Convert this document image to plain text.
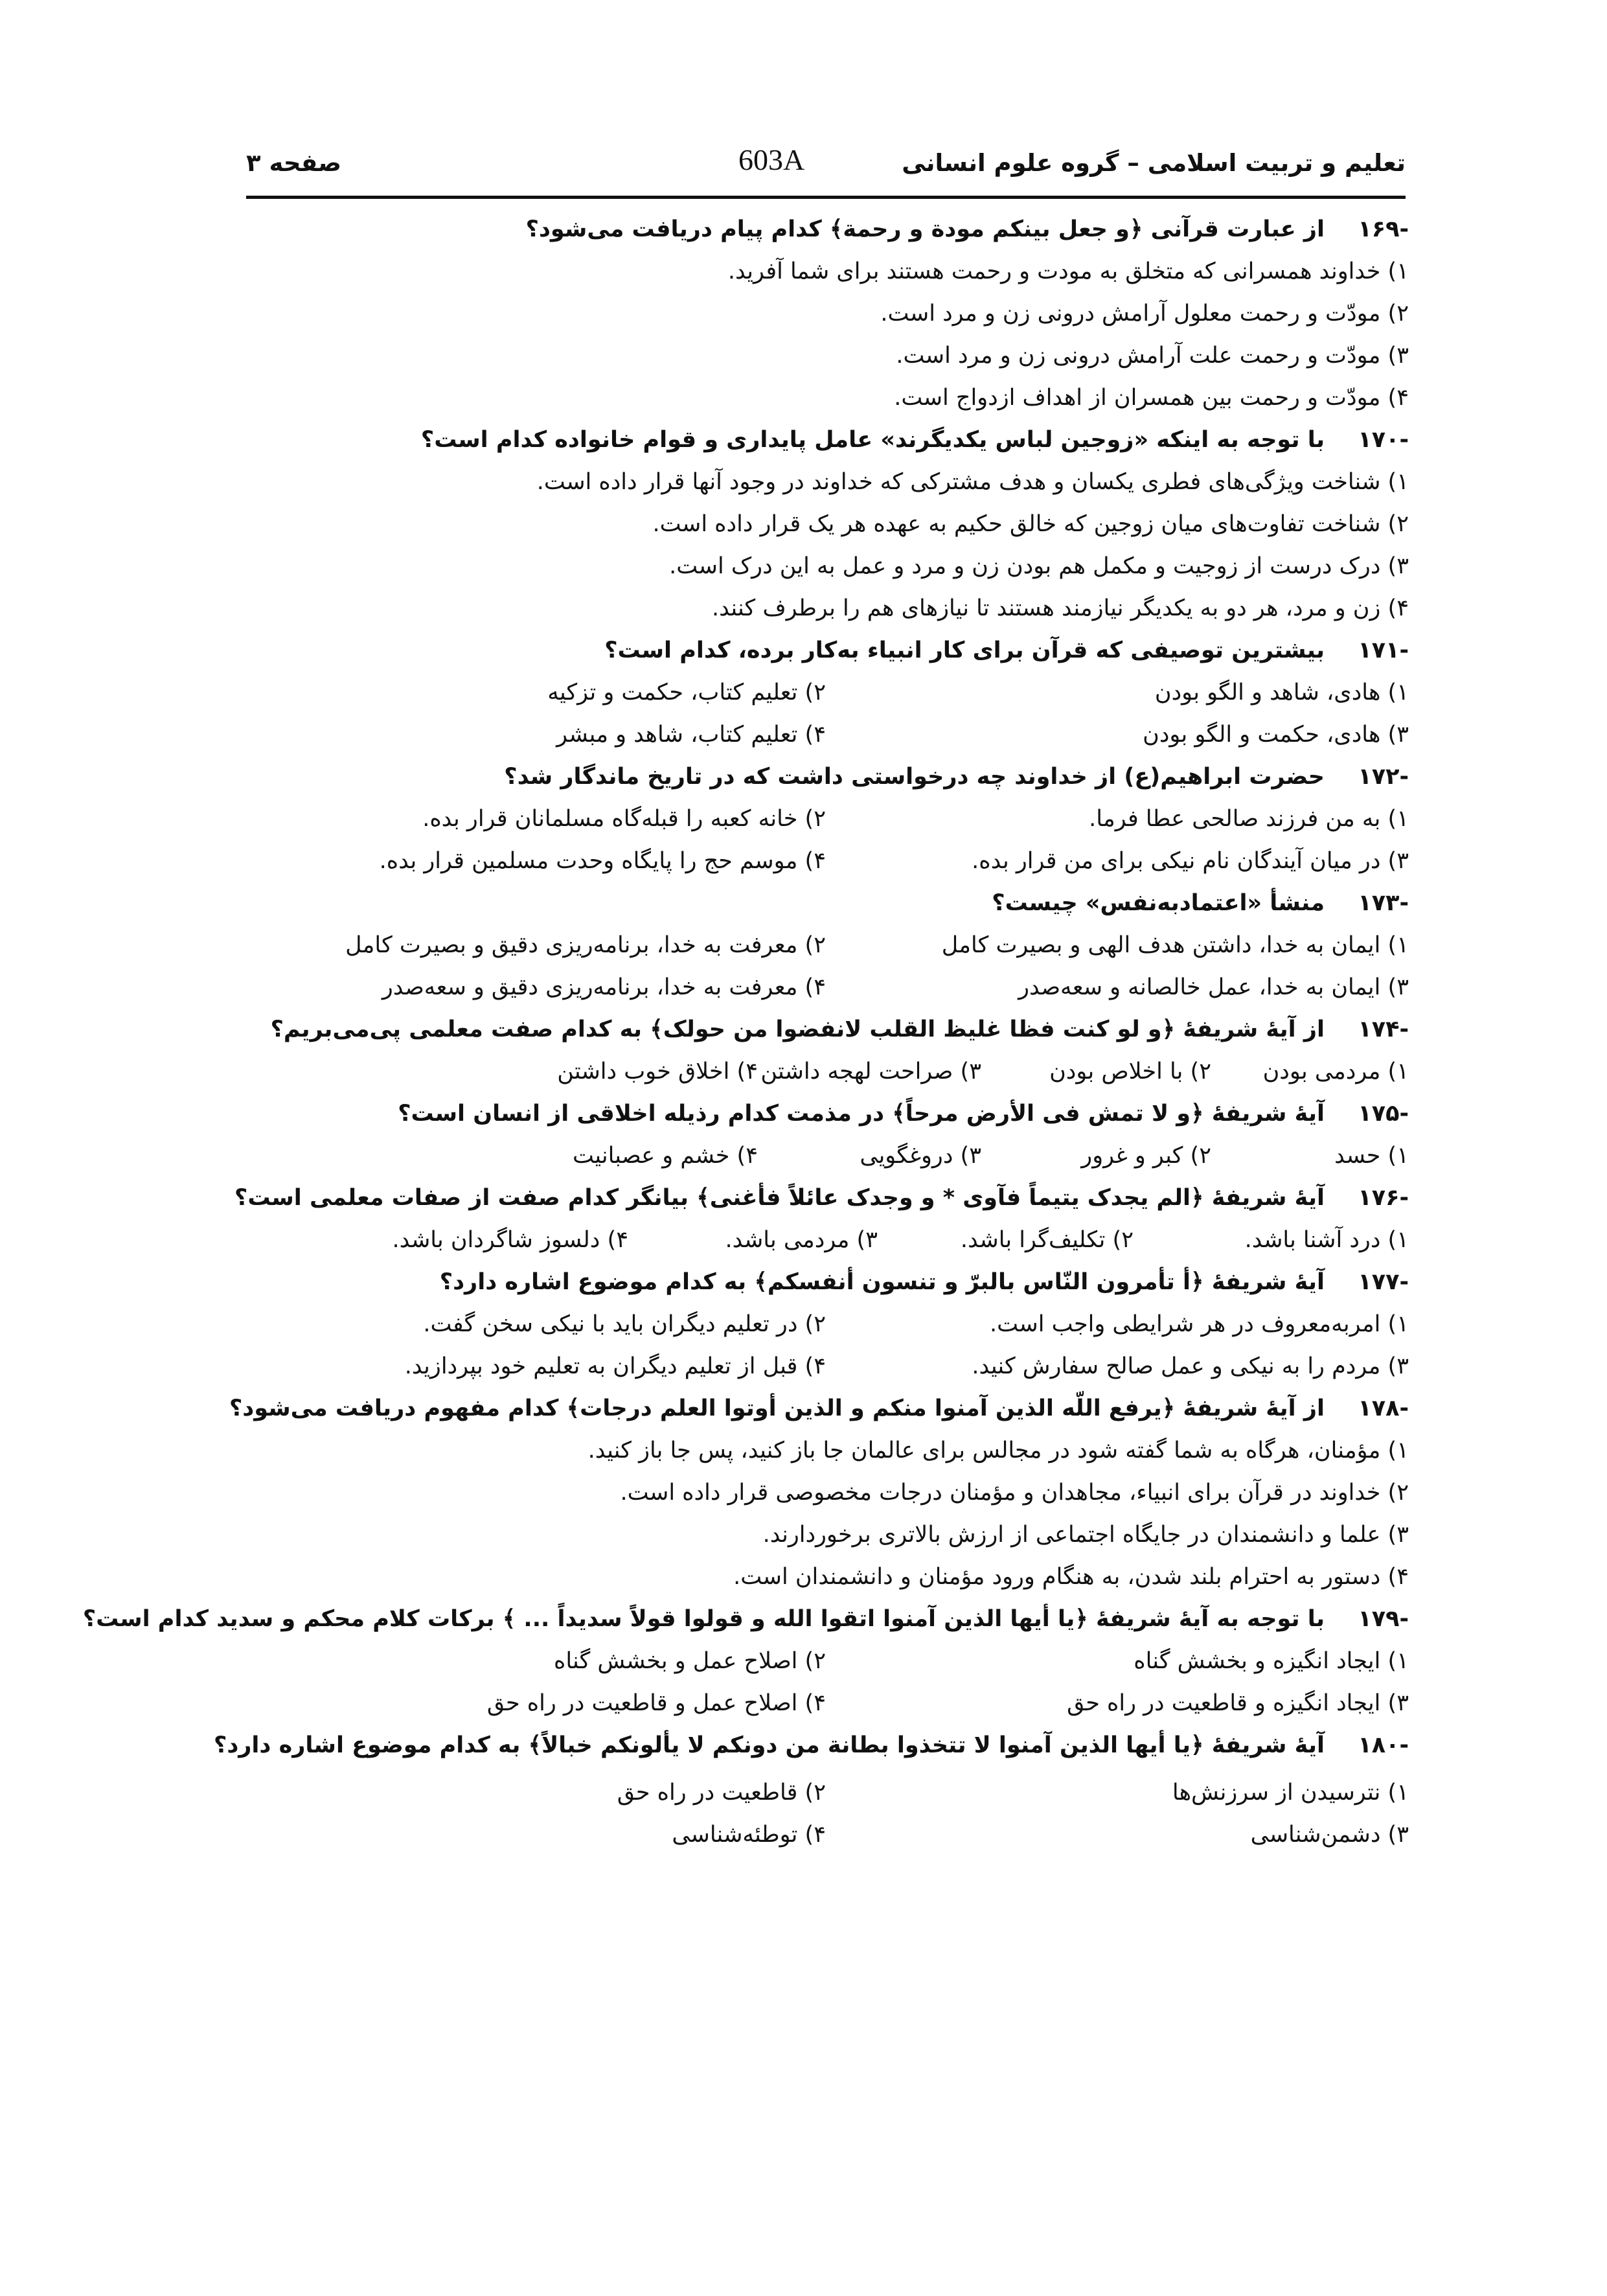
تعلیم و تربیت اسلامی – گروه علوم انسانی
603A
صفحه ۳
-۱۶۹
از عبارت قرآنی ﴿و جعل بینکم مودة و رحمة﴾ کدام پیام دریافت می‌شود؟
۱) خداوند همسرانی که متخلق به مودت و رحمت هستند برای شما آفرید.
۲) مودّت و رحمت معلول آرامش درونی زن و مرد است.
۳) مودّت و رحمت علت آرامش درونی زن و مرد است.
۴) مودّت و رحمت بین همسران از اهداف ازدواج است.
-۱۷۰
با توجه به اینکه «زوجین لباس یکدیگرند» عامل پایداری و قوام خانواده کدام است؟
۱) شناخت ویژگی‌های فطری یکسان و هدف مشترکی که خداوند در وجود آنها قرار داده است.
۲) شناخت تفاوت‌های میان زوجین که خالق حکیم به عهده هر یک قرار داده است.
۳) درک درست از زوجیت و مکمل هم بودن زن و مرد و عمل به این درک است.
۴) زن و مرد، هر دو به یکدیگر نیازمند هستند تا نیازهای هم را برطرف کنند.
-۱۷۱
بیشترین توصیفی که قرآن برای کار انبیاء به‌کار برده، کدام است؟
۱) هادی، شاهد و الگو بودن
۲) تعلیم کتاب، حکمت و تزکیه
۳) هادی، حکمت و الگو بودن
۴) تعلیم کتاب، شاهد و مبشر
-۱۷۲
حضرت ابراهیم(ع) از خداوند چه درخواستی داشت که در تاریخ ماندگار شد؟
۱) به من فرزند صالحی عطا فرما.
۲) خانه کعبه را قبله‌گاه مسلمانان قرار بده.
۳) در میان آیندگان نام نیکی برای من قرار بده.
۴) موسم حج را پایگاه وحدت مسلمین قرار بده.
-۱۷۳
منشأ «اعتمادبه‌نفس» چیست؟
۱) ایمان به خدا، داشتن هدف الهی و بصیرت کامل
۲) معرفت به خدا، برنامه‌ریزی دقیق و بصیرت کامل
۳) ایمان به خدا، عمل خالصانه و سعه‌صدر
۴) معرفت به خدا، برنامه‌ریزی دقیق و سعه‌صدر
-۱۷۴
از آیهٔ شریفهٔ ﴿و لو کنت فظا غلیظ القلب لانفضوا من حولک﴾ به کدام صفت معلمی پی‌می‌بریم؟
۱) مردمی بودن
۲) با اخلاص بودن
۳) صراحت لهجه داشتن
۴) اخلاق خوب داشتن
-۱۷۵
آیهٔ شریفهٔ ﴿و لا تمش فی الأرض مرحاً﴾ در مذمت کدام رذیله اخلاقی از انسان است؟
۱) حسد
۲) کبر و غرور
۳) دروغگویی
۴) خشم و عصبانیت
-۱۷۶
آیهٔ شریفهٔ ﴿الم یجدک یتیماً فآوی * و وجدک عائلاً فأغنی﴾ بیانگر کدام صفت از صفات معلمی است؟
۱) درد آشنا باشد.
۲) تکلیف‌گرا باشد.
۳) مردمی باشد.
۴) دلسوز شاگردان باشد.
-۱۷۷
آیهٔ شریفهٔ ﴿أ تأمرون النّاس بالبرّ و تنسون أنفسکم﴾ به کدام موضوع اشاره دارد؟
۱) امربه‌معروف در هر شرایطی واجب است.
۲) در تعلیم دیگران باید با نیکی سخن گفت.
۳) مردم را به نیکی و عمل صالح سفارش کنید.
۴) قبل از تعلیم دیگران به تعلیم خود بپردازید.
-۱۷۸
از آیهٔ شریفهٔ ﴿یرفع اللّه الذین آمنوا منکم و الذین أوتوا العلم درجات﴾ کدام مفهوم دریافت می‌شود؟
۱) مؤمنان، هرگاه به شما گفته شود در مجالس برای عالمان جا باز کنید، پس جا باز کنید.
۲) خداوند در قرآن برای انبیاء، مجاهدان و مؤمنان درجات مخصوصی قرار داده است.
۳) علما و دانشمندان در جایگاه اجتماعی از ارزش بالاتری برخوردارند.
۴) دستور به احترام بلند شدن، به هنگام ورود مؤمنان و دانشمندان است.
-۱۷۹
با توجه به آیهٔ شریفهٔ ﴿یا أیها الذین آمنوا اتقوا الله و قولوا قولاً سدیداً ... ﴾ برکات کلام محکم و سدید کدام است؟
۱) ایجاد انگیزه و بخشش گناه
۲) اصلاح عمل و بخشش گناه
۳) ایجاد انگیزه و قاطعیت در راه حق
۴) اصلاح عمل و قاطعیت در راه حق
-۱۸۰
آیهٔ شریفهٔ ﴿یا أیها الذین آمنوا لا تتخذوا بطانة من دونکم لا یألونکم خبالاً﴾ به کدام موضوع اشاره دارد؟
۱) نترسیدن از سرزنش‌ها
۲) قاطعیت در راه حق
۳) دشمن‌شناسی
۴) توطئه‌شناسی
